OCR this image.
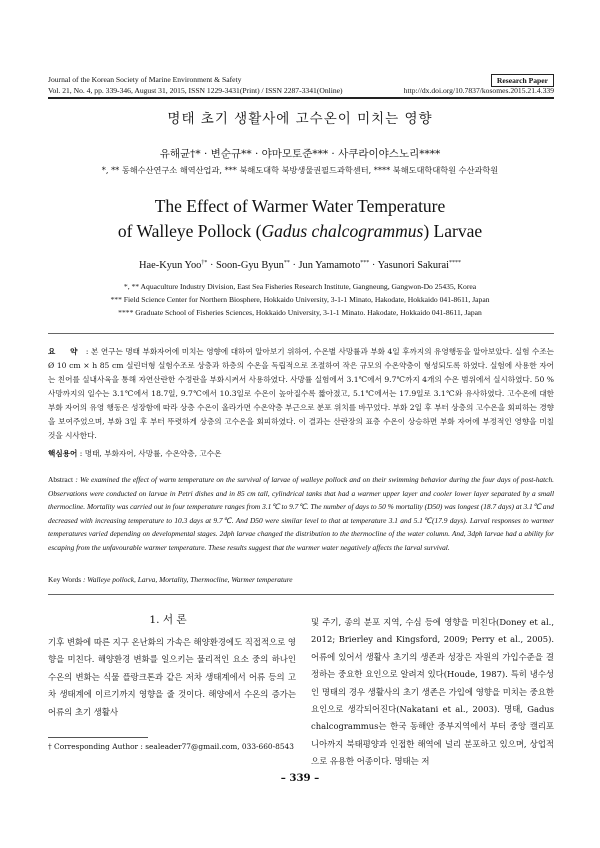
Journal of the Korean Society of Marine Environment & Safety
Vol. 21, No. 4, pp. 339-346, August 31, 2015, ISSN 1229-3431(Print) / ISSN 2287-3341(Online)	http://dx.doi.org/10.7837/kosomes.2015.21.4.339
Research Paper
명태 초기 생활사에 고수온이 미치는 영향
유해균†* · 변순규** · 야마모토준*** · 사쿠라이야스노리****
*, ** 동해수산연구소 해역산업과, *** 북해도대학 북방생물권필드과학센터, **** 북해도대학대학원 수산과학원
The Effect of Warmer Water Temperature
of Walleye Pollock (Gadus chalcogrammus) Larvae
Hae-Kyun Yoo†* · Soon-Gyu Byun** · Jun Yamamoto*** · Yasunori Sakurai****
*, ** Aquaculture Industry Division, East Sea Fisheries Research Institute, Gangneung, Gangwon-Do 25435, Korea
*** Field Science Center for Northern Biosphere, Hokkaido University, 3-1-1 Minato, Hakodate, Hokkaido 041-8611, Japan
**** Graduate School of Fisheries Sciences, Hokkaido University, 3-1-1 Minato. Hakodate, Hokkaido 041-8611, Japan
요 약 : 본 연구는 명태 부화자어에 미치는 영향에 대하여 알아보기 위하여, 수온별 사망률과 부화 4일 후까지의 유영행동을 알아보았다. 실험 수조는 Ø 10 cm × h 85 cm 실린더형 실험수조로 상층과 하층의 수온을 독립적으로 조절하여 작은 규모의 수온약층이 형성되도록 하였다. 실험에 사용한 자어는 친어를 실내사육을 통해 자연산란한 수정란을 부화시켜서 사용하였다. 사망률 실험에서 3.1℃에서 9.7℃까지 4개의 수온 범위에서 실시하였다. 50 % 사망까지의 일수는 3.1℃에서 18.7일, 9.7℃에서 10.3일로 수온이 높아질수록 짧아졌고, 5.1℃에서는 17.9일로 3.1℃와 유사하였다. 고수온에 대한 부화 자어의 유영 행동은 성장함에 따라 상층 수온이 올라가면 수온약층 부근으로 분포 위치를 바꾸었다. 부화 2일 후 부터 상층의 고수온을 회피하는 경향을 보여주었으며, 부화 3일 후 부터 뚜렷하게 상층의 고수온을 회피하였다. 이 결과는 산란장의 표층 수온이 상승하면 부화 자어에 부정적인 영향을 미칠 것을 시사한다.
핵심용어 : 명태, 부화자어, 사망률, 수온약층, 고수온
Abstract : We examined the effect of warm temperature on the survival of larvae of walleye pollock and on their swimming behavior during the four days of post-hatch. Observations were conducted on larvae in Petri dishes and in 85 cm tall, cylindrical tanks that had a warmer upper layer and cooler lower layer separated by a small thermocline. Mortality was carried out in four temperature ranges from 3.1℃ to 9.7℃. The number of days to 50 % mortality (D50) was longest (18.7 days) at 3.1℃ and decreased with increasing temperature to 10.3 days at 9.7℃. And D50 were similar level to that at temperature 3.1 and 5.1℃(17.9 days). Larval responses to warmer temperatures varied depending on developmental stages. 2dph larvae changed the distribution to the thermocline of the water column. And, 3dph larvae had a ability for escaping from the unfavourable warmer temperature. These results suggest that the warmer water negatively affects the larval survival.
Key Words : Walleye pollock, Larva, Mortality, Thermocline, Warmer temperature
1. 서 론
기후 변화에 따른 지구 온난화의 가속은 해양환경에도 직접적으로 영향을 미친다. 해양환경 변화를 일으키는 물리적인 요소 중의 하나인 수온의 변화는 식물 플랑크톤과 같은 저차 생태계에서 어류 등의 고차 생태계에 이르기까지 영향을 줄 것이다. 해양에서 수온의 증가는 어류의 초기 생활사
및 주기, 종의 분포 지역, 수심 등에 영향을 미친다(Doney et al., 2012; Brierley and Kingsford, 2009; Perry et al., 2005). 어류에 있어서 생활사 초기의 생존과 성장은 자원의 가입수준을 결정하는 중요한 요인으로 알려져 있다(Houde, 1987). 특히 냉수성인 명태의 경우 생활사의 초기 생존은 가입에 영향을 미치는 중요한 요인으로 생각되어진다(Nakatani et al., 2003). 명태, Gadus chalcogrammus는 한국 동해안 중부지역에서 부터 중앙 캘리포니아까지 북태평양과 인접한 해역에 널리 분포하고 있으며, 상업적으로 유용한 어종이다. 명태는 저
† Corresponding Author : sealeader77@gmail.com, 033-660-8543
– 339 –
